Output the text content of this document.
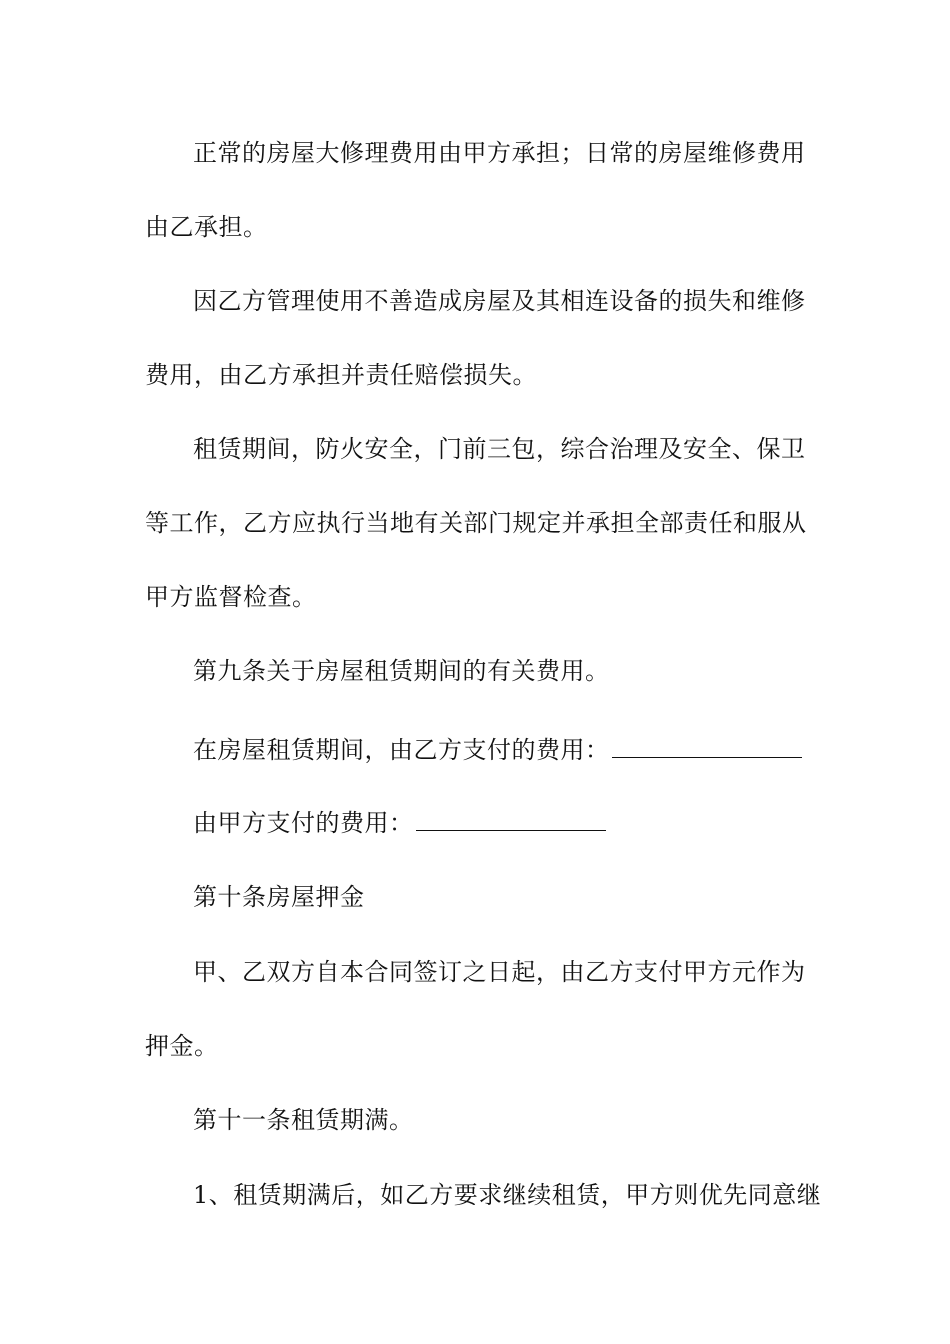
正常的房屋大修理费用由甲方承担；日常的房屋维修费用
由乙承担。
因乙方管理使用不善造成房屋及其相连设备的损失和维修
费用，由乙方承担并责任赔偿损失。
租赁期间，防火安全，门前三包，综合治理及安全、保卫
等工作，乙方应执行当地有关部门规定并承担全部责任和服从
甲方监督检查。
第九条关于房屋租赁期间的有关费用。
在房屋租赁期间，由乙方支付的费用：
由甲方支付的费用：
第十条房屋押金
甲、乙双方自本合同签订之日起，由乙方支付甲方元作为
押金。
第十一条租赁期满。
1、租赁期满后，如乙方要求继续租赁，甲方则优先同意继
